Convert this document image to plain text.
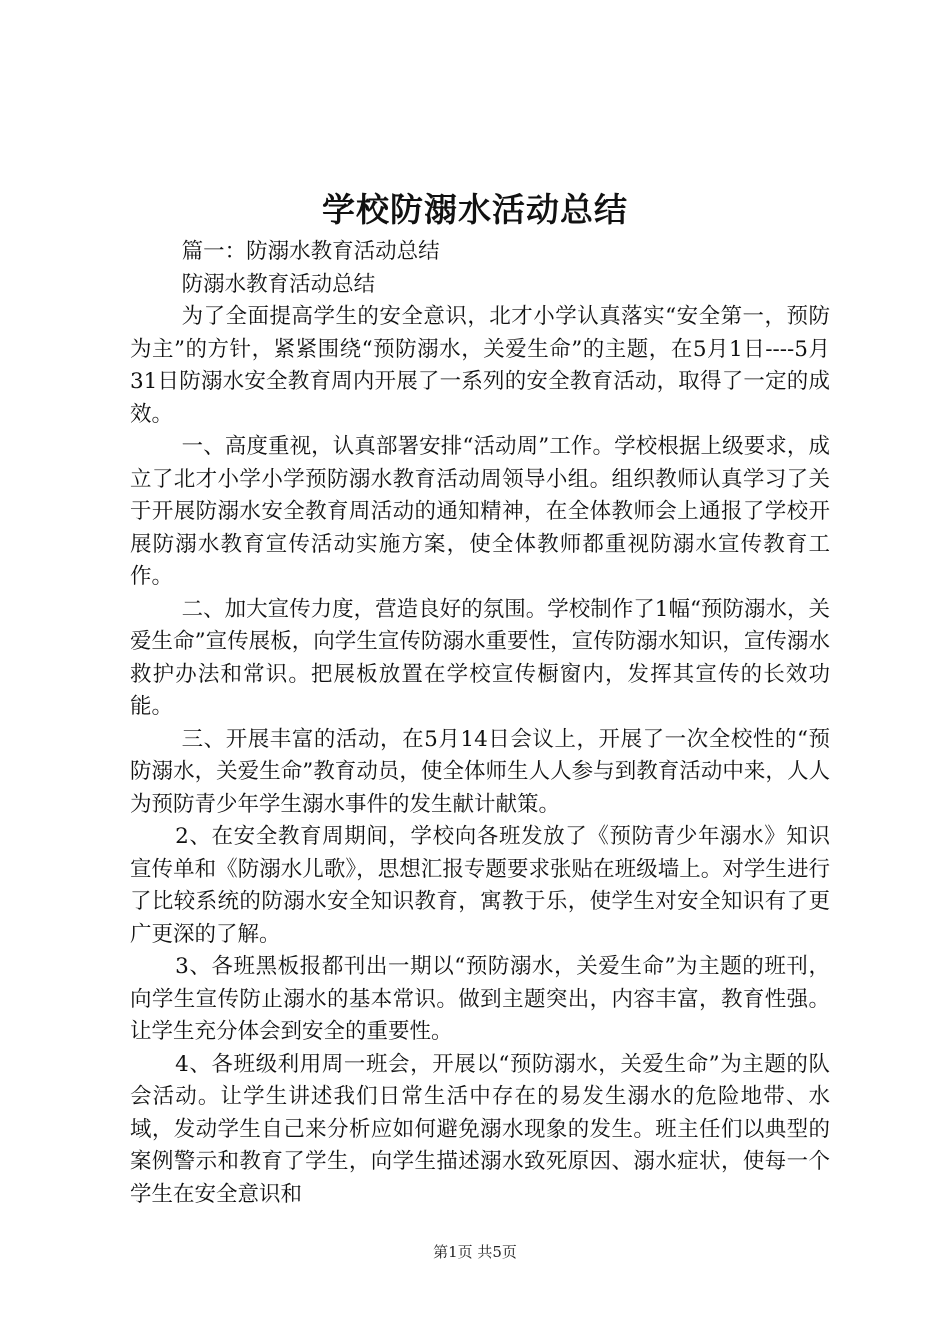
学校防溺水活动总结

篇一：防溺水教育活动总结

防溺水教育活动总结

为了全面提高学生的安全意识，北才小学认真落实“安全第一，预防为主”的方针，紧紧围绕“预防溺水，关爱生命”的主题，在5月1日----5月31日防溺水安全教育周内开展了一系列的安全教育活动，取得了一定的成效。

一、高度重视，认真部署安排“活动周”工作。学校根据上级要求，成立了北才小学小学预防溺水教育活动周领导小组。组织教师认真学习了关于开展防溺水安全教育周活动的通知精神，在全体教师会上通报了学校开展防溺水教育宣传活动实施方案，使全体教师都重视防溺水宣传教育工作。

二、加大宣传力度，营造良好的氛围。学校制作了1幅“预防溺水，关爱生命”宣传展板，向学生宣传防溺水重要性，宣传防溺水知识，宣传溺水救护办法和常识。把展板放置在学校宣传橱窗内，发挥其宣传的长效功能。

三、开展丰富的活动，在5月14日会议上，开展了一次全校性的“预防溺水，关爱生命”教育动员，使全体师生人人参与到教育活动中来，人人为预防青少年学生溺水事件的发生献计献策。

2、在安全教育周期间，学校向各班发放了《预防青少年溺水》知识宣传单和《防溺水儿歌》，思想汇报专题要求张贴在班级墙上。对学生进行了比较系统的防溺水安全知识教育，寓教于乐，使学生对安全知识有了更广更深的了解。

3、各班黑板报都刊出一期以“预防溺水，关爱生命”为主题的班刊，向学生宣传防止溺水的基本常识。做到主题突出，内容丰富，教育性强。让学生充分体会到安全的重要性。

4、各班级利用周一班会，开展以“预防溺水，关爱生命”为主题的队会活动。让学生讲述我们日常生活中存在的易发生溺水的危险地带、水域，发动学生自己来分析应如何避免溺水现象的发生。班主任们以典型的案例警示和教育了学生，向学生描述溺水致死原因、溺水症状，使每一个学生在安全意识和

第1页 共5页
